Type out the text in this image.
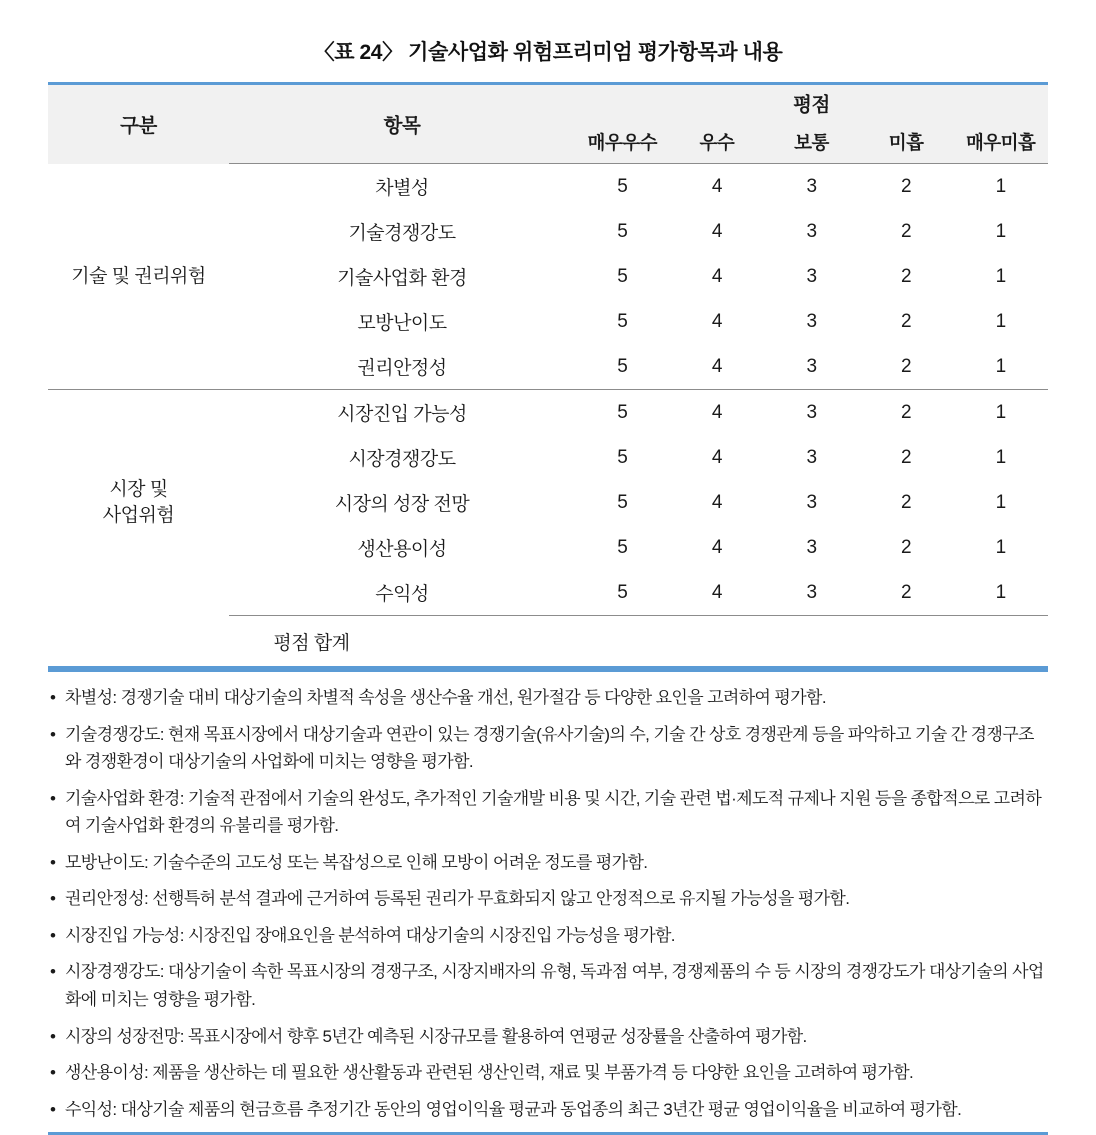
〈표 24〉 기술사업화 위험프리미엄 평가항목과 내용
구분	항목	평점				
		매우우수	우수	보통	미흡	매우미흡
기술 및 권리위험	차별성	5	4	3	2	1
	기술경쟁강도	5	4	3	2	1
	기술사업화 환경	5	4	3	2	1
	모방난이도	5	4	3	2	1
	권리안정성	5	4	3	2	1
시장 및
사업위험	시장진입 가능성	5	4	3	2	1
	시장경쟁강도	5	4	3	2	1
	시장의 성장 전망	5	4	3	2	1
	생산용이성	5	4	3	2	1
	수익성	5	4	3	2	1
평점 합계						
• 차별성: 경쟁기술 대비 대상기술의 차별적 속성을 생산수율 개선, 원가절감 등 다양한 요인을 고려하여 평가함.
• 기술경쟁강도: 현재 목표시장에서 대상기술과 연관이 있는 경쟁기술(유사기술)의 수, 기술 간 상호 경쟁관계 등을 파악하고 기술 간 경쟁구조와 경쟁환경이 대상기술의 사업화에 미치는 영향을 평가함.
• 기술사업화 환경: 기술적 관점에서 기술의 완성도, 추가적인 기술개발 비용 및 시간, 기술 관련 법·제도적 규제나 지원 등을 종합적으로 고려하여 기술사업화 환경의 유불리를 평가함.
• 모방난이도: 기술수준의 고도성 또는 복잡성으로 인해 모방이 어려운 정도를 평가함.
• 권리안정성: 선행특허 분석 결과에 근거하여 등록된 권리가 무효화되지 않고 안정적으로 유지될 가능성을 평가함.
• 시장진입 가능성: 시장진입 장애요인을 분석하여 대상기술의 시장진입 가능성을 평가함.
• 시장경쟁강도: 대상기술이 속한 목표시장의 경쟁구조, 시장지배자의 유형, 독과점 여부, 경쟁제품의 수 등 시장의 경쟁강도가 대상기술의 사업화에 미치는 영향을 평가함.
• 시장의 성장전망: 목표시장에서 향후 5년간 예측된 시장규모를 활용하여 연평균 성장률을 산출하여 평가함.
• 생산용이성: 제품을 생산하는 데 필요한 생산활동과 관련된 생산인력, 재료 및 부품가격 등 다양한 요인을 고려하여 평가함.
• 수익성: 대상기술 제품의 현금흐름 추정기간 동안의 영업이익율 평균과 동업종의 최근 3년간 평균 영업이익율을 비교하여 평가함.
